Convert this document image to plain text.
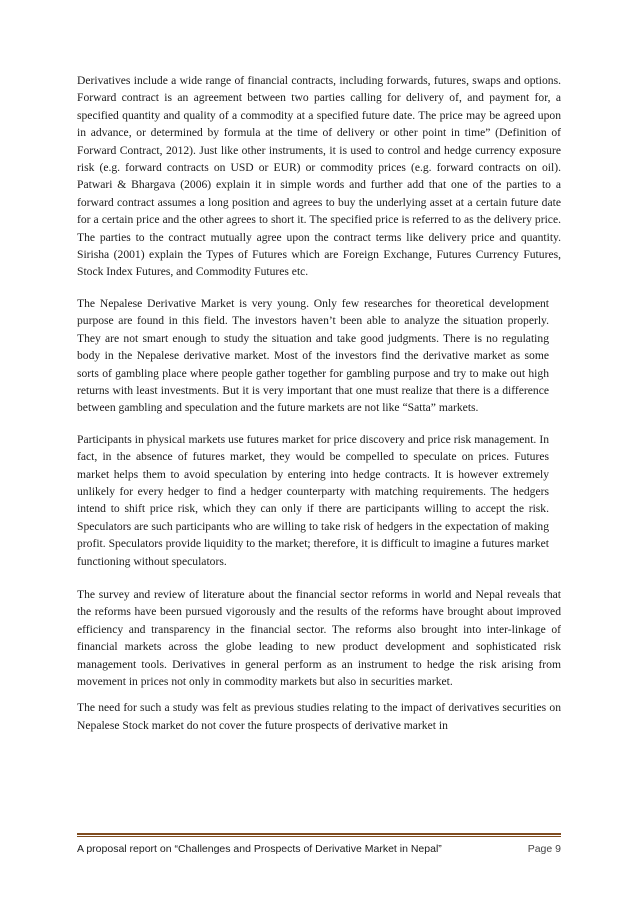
Derivatives include a wide range of financial contracts, including forwards, futures, swaps and options. Forward contract is an agreement between two parties calling for delivery of, and payment for, a specified quantity and quality of a commodity at a specified future date. The price may be agreed upon in advance, or determined by formula at the time of delivery or other point in time” (Definition of Forward Contract, 2012). Just like other instruments, it is used to control and hedge currency exposure risk (e.g. forward contracts on USD or EUR) or commodity prices (e.g. forward contracts on oil). Patwari & Bhargava (2006) explain it in simple words and further add that one of the parties to a forward contract assumes a long position and agrees to buy the underlying asset at a certain future date for a certain price and the other agrees to short it. The specified price is referred to as the delivery price. The parties to the contract mutually agree upon the contract terms like delivery price and quantity. Sirisha (2001) explain the Types of Futures which are Foreign Exchange, Futures Currency Futures, Stock Index Futures, and Commodity Futures etc.

The Nepalese Derivative Market is very young. Only few researches for theoretical development purpose are found in this field. The investors haven’t been able to analyze the situation properly. They are not smart enough to study the situation and take good judgments. There is no regulating body in the Nepalese derivative market. Most of the investors find the derivative market as some sorts of gambling place where people gather together for gambling purpose and try to make out high returns with least investments. But it is very important that one must realize that there is a difference between gambling and speculation and the future markets are not like “Satta” markets.

Participants in physical markets use futures market for price discovery and price risk management. In fact, in the absence of futures market, they would be compelled to speculate on prices. Futures market helps them to avoid speculation by entering into hedge contracts. It is however extremely unlikely for every hedger to find a hedger counterparty with matching requirements. The hedgers intend to shift price risk, which they can only if there are participants willing to accept the risk. Speculators are such participants who are willing to take risk of hedgers in the expectation of making profit. Speculators provide liquidity to the market; therefore, it is difficult to imagine a futures market functioning without speculators.

The survey and review of literature about the financial sector reforms in world and Nepal reveals that the reforms have been pursued vigorously and the results of the reforms have brought about improved efficiency and transparency in the financial sector. The reforms also brought into inter-linkage of financial markets across the globe leading to new product development and sophisticated risk management tools. Derivatives in general perform as an instrument to hedge the risk arising from movement in prices not only in commodity markets but also in securities market.

The need for such a study was felt as previous studies relating to the impact of derivatives securities on Nepalese Stock market do not cover the future prospects of derivative market in

A proposal report on “Challenges and Prospects of Derivative Market in Nepal”	Page 9
